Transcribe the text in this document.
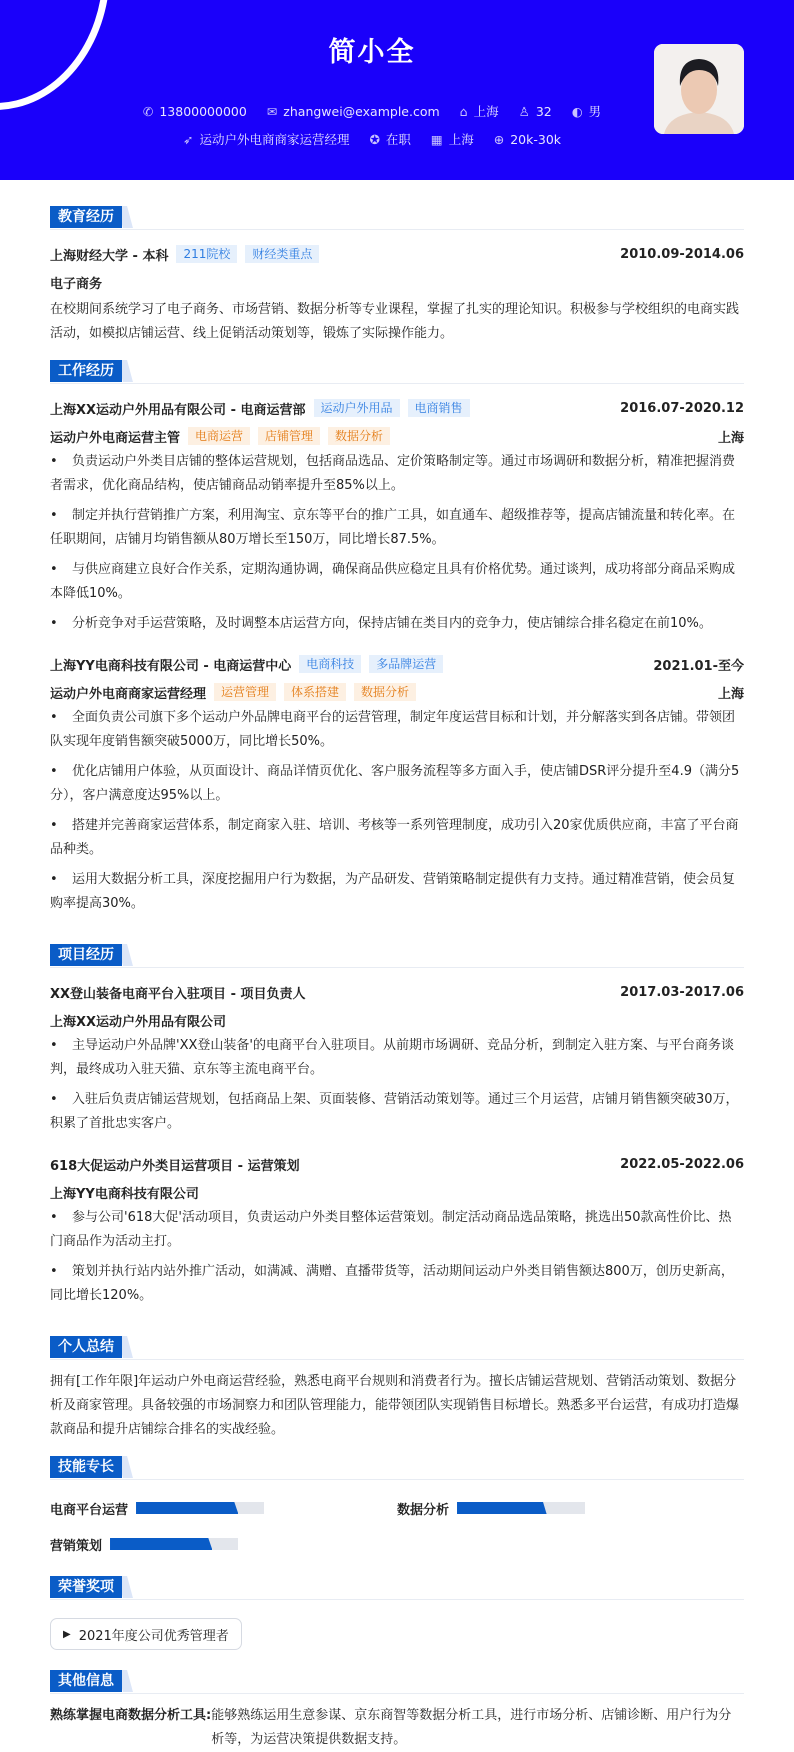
简小全
✆ 13800000000 ✉ zhangwei@example.com ⌂ 上海 ♙ 32 ◐ 男
➶ 运动户外电商商家运营经理 ✪ 在职 ▦ 上海 ⊕ 20k-30k
教育经历
上海财经大学 - 本科	211院校	财经类重点	2010.09-2014.06
电子商务
在校期间系统学习了电子商务、市场营销、数据分析等专业课程，掌握了扎实的理论知识。积极参与学校组织的电商实践活动，如模拟店铺运营、线上促销活动策划等，锻炼了实际操作能力。
工作经历
上海XX运动户外用品有限公司 - 电商运营部	运动户外用品	电商销售	2016.07-2020.12
运动户外电商运营主管	电商运营	店铺管理	数据分析	上海
• 负责运动户外类目店铺的整体运营规划，包括商品选品、定价策略制定等。通过市场调研和数据分析，精准把握消费者需求，优化商品结构，使店铺商品动销率提升至85%以上。
• 制定并执行营销推广方案，利用淘宝、京东等平台的推广工具，如直通车、超级推荐等，提高店铺流量和转化率。在任职期间，店铺月均销售额从80万增长至150万，同比增长87.5%。
• 与供应商建立良好合作关系，定期沟通协调，确保商品供应稳定且具有价格优势。通过谈判，成功将部分商品采购成本降低10%。
• 分析竞争对手运营策略，及时调整本店运营方向，保持店铺在类目内的竞争力，使店铺综合排名稳定在前10%。
上海YY电商科技有限公司 - 电商运营中心	电商科技	多品牌运营	2021.01-至今
运动户外电商商家运营经理	运营管理	体系搭建	数据分析	上海
• 全面负责公司旗下多个运动户外品牌电商平台的运营管理，制定年度运营目标和计划，并分解落实到各店铺。带领团队实现年度销售额突破5000万，同比增长50%。
• 优化店铺用户体验，从页面设计、商品详情页优化、客户服务流程等多方面入手，使店铺DSR评分提升至4.9（满分5分），客户满意度达95%以上。
• 搭建并完善商家运营体系，制定商家入驻、培训、考核等一系列管理制度，成功引入20家优质供应商，丰富了平台商品种类。
• 运用大数据分析工具，深度挖掘用户行为数据，为产品研发、营销策略制定提供有力支持。通过精准营销，使会员复购率提高30%。
项目经历
XX登山装备电商平台入驻项目 - 项目负责人	2017.03-2017.06
上海XX运动户外用品有限公司
• 主导运动户外品牌'XX登山装备'的电商平台入驻项目。从前期市场调研、竞品分析，到制定入驻方案、与平台商务谈判，最终成功入驻天猫、京东等主流电商平台。
• 入驻后负责店铺运营规划，包括商品上架、页面装修、营销活动策划等。通过三个月运营，店铺月销售额突破30万，积累了首批忠实客户。
618大促运动户外类目运营项目 - 运营策划	2022.05-2022.06
上海YY电商科技有限公司
• 参与公司'618大促'活动项目，负责运动户外类目整体运营策划。制定活动商品选品策略，挑选出50款高性价比、热门商品作为活动主打。
• 策划并执行站内站外推广活动，如满减、满赠、直播带货等，活动期间运动户外类目销售额达800万，创历史新高，同比增长120%。
个人总结
拥有[工作年限]年运动户外电商运营经验，熟悉电商平台规则和消费者行为。擅长店铺运营规划、营销活动策划、数据分析及商家管理。具备较强的市场洞察力和团队管理能力，能带领团队实现销售目标增长。熟悉多平台运营，有成功打造爆款商品和提升店铺综合排名的实战经验。
技能专长
电商平台运营	数据分析
营销策划
荣誉奖项
▶ 2021年度公司优秀管理者
其他信息
熟练掌握电商数据分析工具: 能够熟练运用生意参谋、京东商智等数据分析工具，进行市场分析、店铺诊断、用户行为分析等，为运营决策提供数据支持。
